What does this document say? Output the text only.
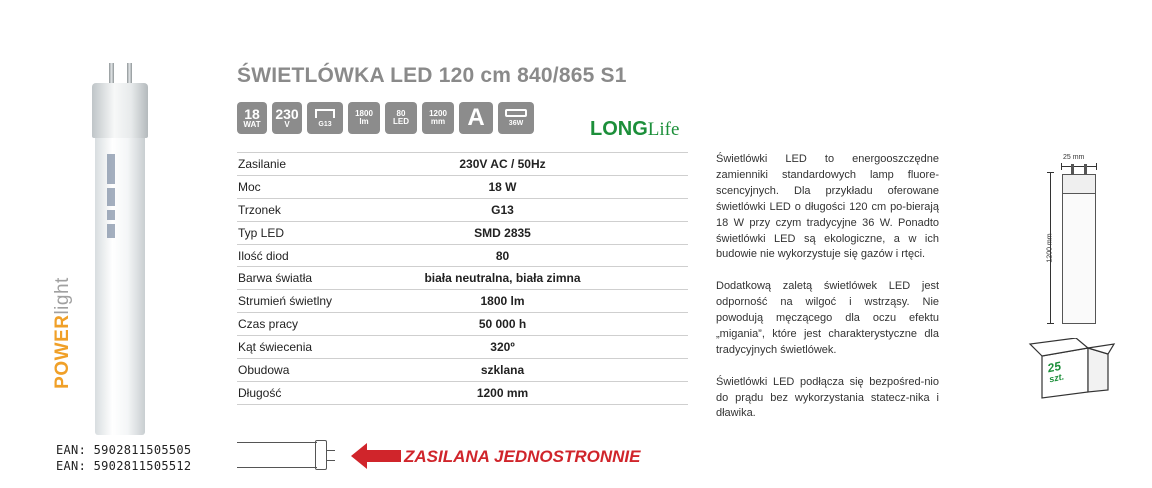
POWERlight
EAN: 5902811505505
EAN: 5902811505512
ŚWIETLÓWKA LED 120 cm 840/865 S1
18
WAT
230
V	G13
1800
lm
80
LED
1200
mm A	36W	LONGLife
Zasilanie	230V AC / 50Hz
Moc	18 W
Trzonek	G13
Typ LED	SMD 2835
Ilość diod	80
Barwa światła	biała neutralna, biała zimna
Strumień świetlny	1800 lm
Czas pracy	50 000 h
Kąt świecenia	320º
Obudowa	szklana
Długość	1200 mm
ZASILANA JEDNOSTRONNIE

Świetlówki LED to energooszczędne zamienniki standardowych lamp fluore-scencyjnych. Dla przykładu oferowane świetlówki LED o długości 120 cm po-bierają 18 W przy czym tradycyjne 36 W. Ponadto świetlówki LED są ekologiczne, a w ich budowie nie wykorzystuje się gazów i rtęci.

Dodatkową zaletą świetlówek LED jest odporność na wilgoć i wstrząsy. Nie powodują męczącego dla oczu efektu „migania”, które jest charakterystyczne dla tradycyjnych świetlówek.

Świetlówki LED podłącza się bezpośred-nio do prądu bez wykorzystania statecz-nika i dławika.

25 mm
1200 mm
25
szt.
